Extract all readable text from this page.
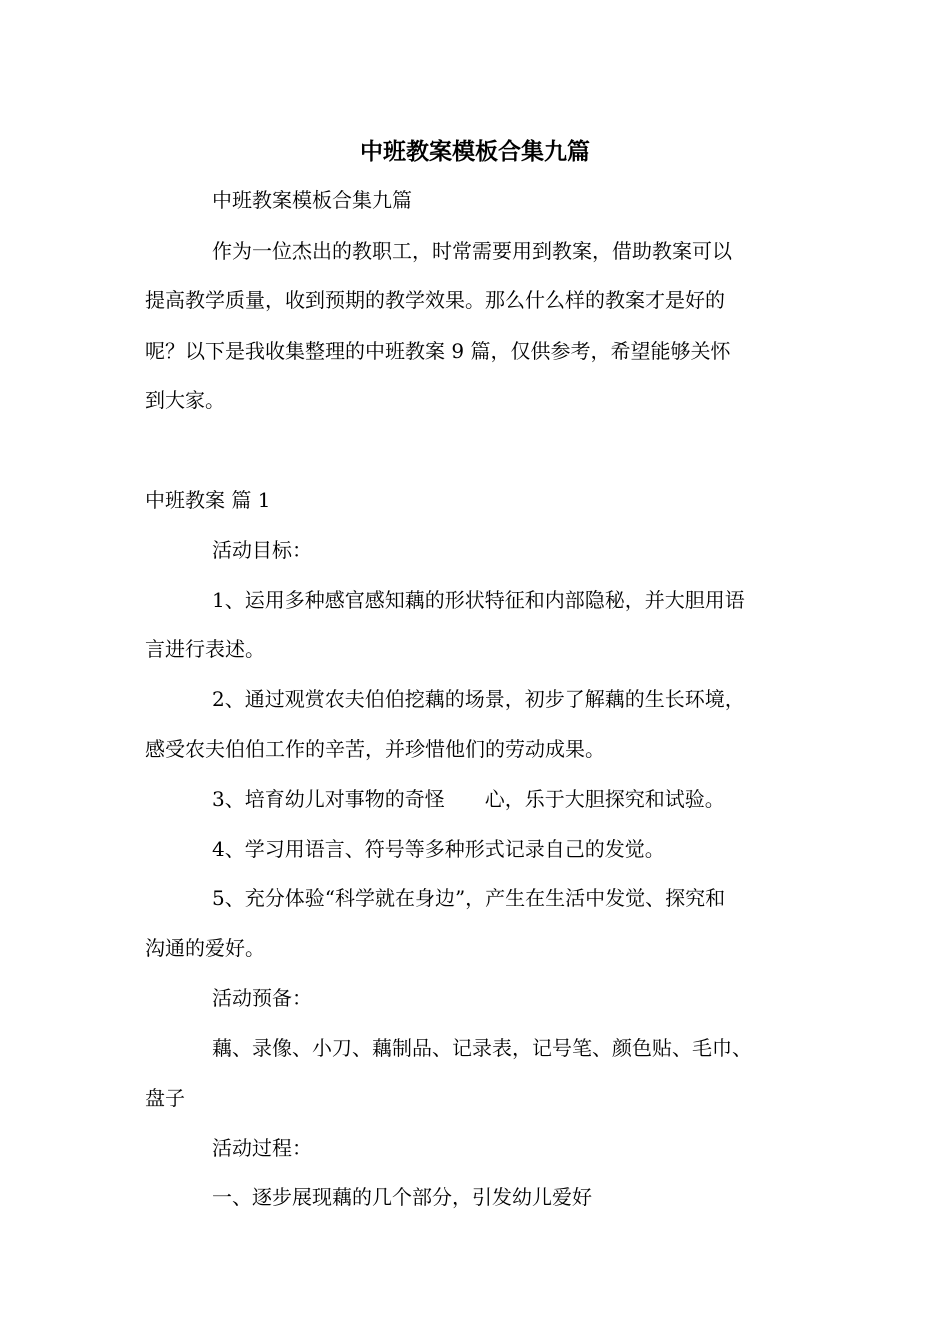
中班教案模板合集九篇
中班教案模板合集九篇
作为一位杰出的教职工，时常需要用到教案，借助教案可以
提高教学质量，收到预期的教学效果。那么什么样的教案才是好的
呢？以下是我收集整理的中班教案 9 篇，仅供参考，希望能够关怀
到大家。
中班教案 篇 1
活动目标：
1、运用多种感官感知藕的形状特征和内部隐秘，并大胆用语
言进行表述。
2、通过观赏农夫伯伯挖藕的场景，初步了解藕的生长环境，
感受农夫伯伯工作的辛苦，并珍惜他们的劳动成果。
3、培育幼儿对事物的奇怪　　心，乐于大胆探究和试验。
4、学习用语言、符号等多种形式记录自己的发觉。
5、充分体验“科学就在身边”，产生在生活中发觉、探究和
沟通的爱好。
活动预备：
藕、录像、小刀、藕制品、记录表，记号笔、颜色贴、毛巾、
盘子
活动过程：
一、逐步展现藕的几个部分，引发幼儿爱好
